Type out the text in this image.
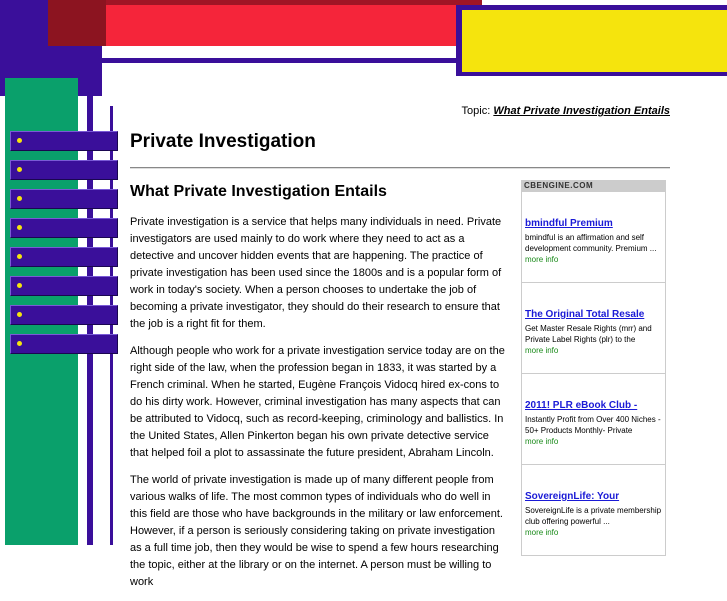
Topic: What Private Investigation Entails
Private Investigation
What Private Investigation Entails

Private investigation is a service that helps many individuals in need. Private investigators are used mainly to do work where they need to act as a detective and uncover hidden events that are happening. The practice of private investigation has been used since the 1800s and is a popular form of work in today's society. When a person chooses to undertake the job of becoming a private investigator, they should do their research to ensure that the job is a right fit for them.

Although people who work for a private investigation service today are on the right side of the law, when the profession began in 1833, it was started by a French criminal. When he started, Eugène François Vidocq hired ex-cons to do his dirty work. However, criminal investigation has many aspects that can be attributed to Vidocq, such as record-keeping, criminology and ballistics. In the United States, Allen Pinkerton began his own private detective service that helped foil a plot to assassinate the future president, Abraham Lincoln.

The world of private investigation is made up of many different people from various walks of life. The most common types of individuals who do well in this field are those who have backgrounds in the military or law enforcement. However, if a person is seriously considering taking on private investigation as a full time job, then they would be wise to spend a few hours researching the topic, either at the library or on the internet. A person must be willing to work

CBENGINE.COM
bmindful Premium
bmindful is an affirmation and self development community. Premium ...
more info
The Original Total Resale
Get Master Resale Rights (mrr) and Private Label Rights (plr) to the
more info
2011! PLR eBook Club -
Instantly Profit from Over 400 Niches - 50+ Products Monthly- Private
more info
SovereignLife: Your
SovereignLife is a private membership club offering powerful ...
more info
